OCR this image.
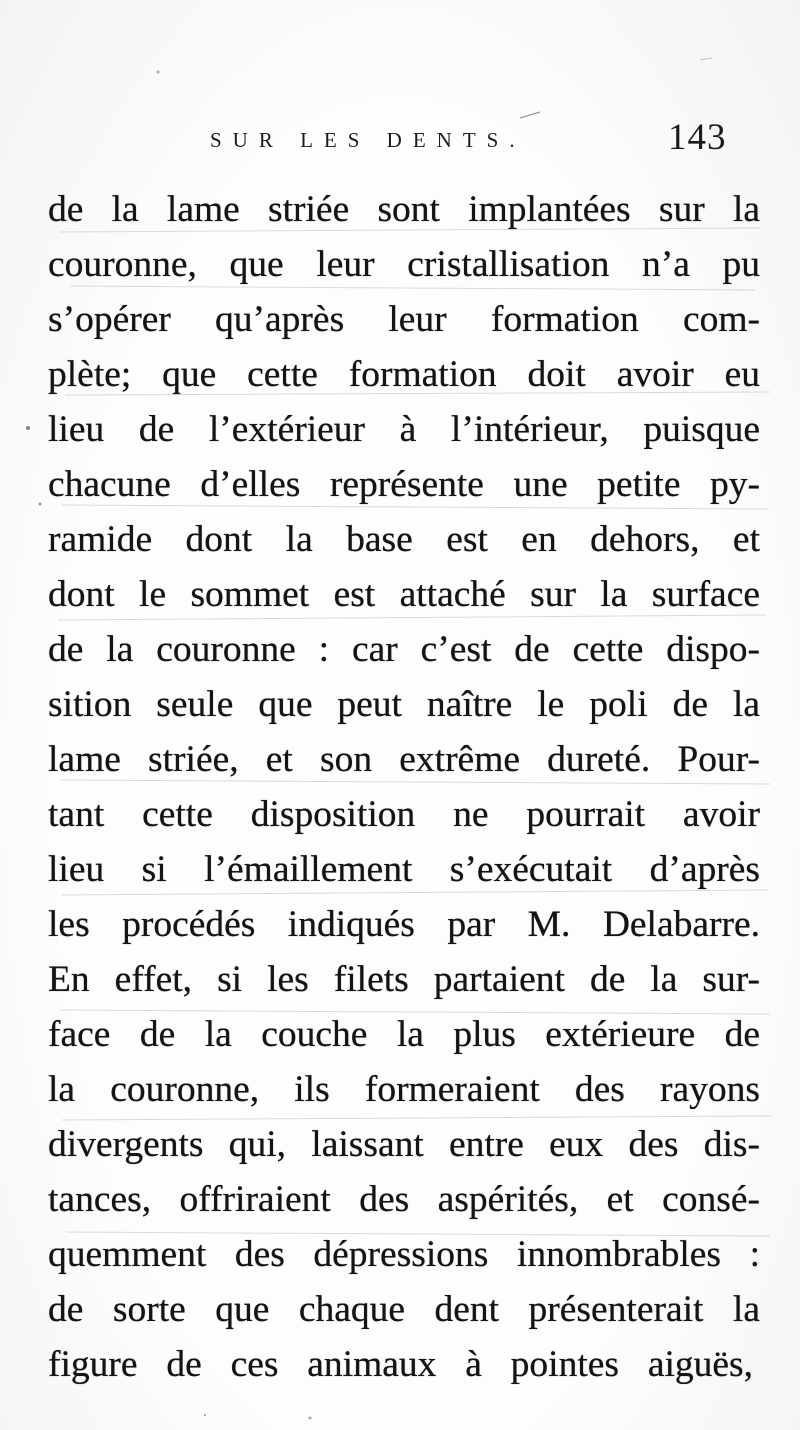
SUR LES DENTS.	143
de la lame striée sont implantées sur la
couronne, que leur cristallisation n’a pu
s’opérer qu’après leur formation com-
plète; que cette formation doit avoir eu
lieu de l’extérieur à l’intérieur, puisque
chacune d’elles représente une petite py-
ramide dont la base est en dehors, et
dont le sommet est attaché sur la surface
de la couronne : car c’est de cette dispo-
sition seule que peut naître le poli de la
lame striée, et son extrême dureté. Pour-
tant cette disposition ne pourrait avoir
lieu si l’émaillement s’exécutait d’après
les procédés indiqués par M. Delabarre.
En effet, si les filets partaient de la sur-
face de la couche la plus extérieure de
la couronne, ils formeraient des rayons
divergents qui, laissant entre eux des dis-
tances, offriraient des aspérités, et consé-
quemment des dépressions innombrables :
de sorte que chaque dent présenterait la
figure de ces animaux à pointes aiguës,
